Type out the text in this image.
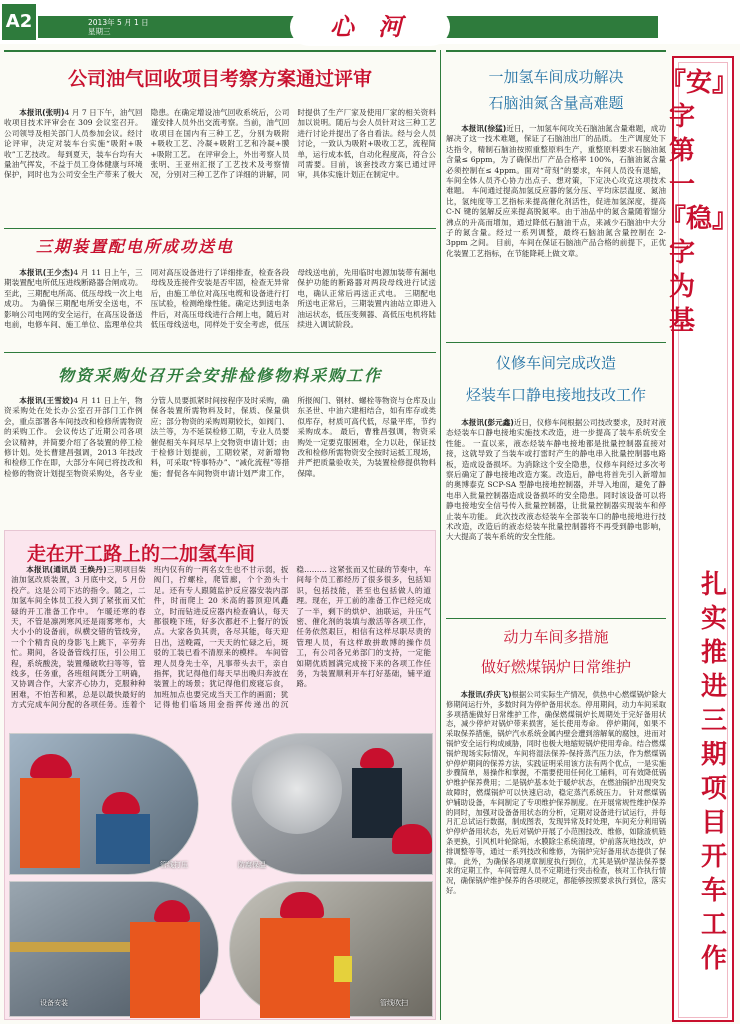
A2	2013年 5 月 1 日
星期三	心 河
公司油气回收项目考察方案通过评审
本报讯(张明)4 月 7 日下午，油气回收项目技术评审会在 309 会议室召开。公司领导及相关部门人员参加会议。经讨论评审，决定对装车台实施“吸附+吸收”工艺技改。 每到夏天，装车台均有大量油气挥发，不益于员工身体健康与环境保护，同时也为公司安全生产带来了极大隐患。在确定增设油气回收系统后，公司谨安排人员外出交流考察。当前，油气回收项目在国内有三种工艺，分别为吸附+吸收工艺、冷凝+吸附工艺和冷凝+膜+吸附工艺。 在评审会上，外出考察人员张明、王亚州汇报了工艺技术及考察情况，分别对三种工艺作了详细的讲解，同时提供了生产厂家及使用厂家的相关资料加以说明。随后与会人员针对这三种工艺进行讨论并提出了各自看法。经与会人员讨论，一致认为吸附+吸收工艺，流程简单，运行成本低，自动化程度高，符合公司需要。目前，该套技改方案已通过评审，具体实施计划正在制定中。
三期装置配电所成功送电
本报讯(王少杰)4 月 11 日上午，三期装置配电所低压进线断路器合闸成功。至此，三期配电所高、低压母线一次上电成功。 为确保三期配电所安全送电，不影响公司电网的安全运行，在高压设备送电前，电修车间、施工单位、监理单位共同对高压设备进行了详细排查，检查各段母线及连接件安装是否牢固，检查无异常后，由施工单位对高压电缆和设备进行打压试验，检测绝缘性能。确定达到送电条件后，对高压母线进行合闸上电，随后对低压母线送电，同样处于安全考虑，低压母线送电前，先用临时电源加装带有漏电保护功能的断路器对两段母线进行试送电，确认正常后再送正式电。 三期配电所送电正常后，三期装置内油站立即进入油运状态，低压变频器、高低压电机将陆续进入调试阶段。
物资采购处召开会安排检修物料采购工作
本报讯(王雪姣)4 月 11 日上午，物资采购处在处长办公室召开部门工作例会，重点部署各车间技改和检修所需物资的采购工作。 会议传达了近期公司各项会议精神，并简要介绍了各装置的停工检修计划。处长曹建昌强调，2013 年技改和检修工作在即，大部分车间已将技改和检修的物资计划提至物资采购处，各专业分管人员要抓紧时间按程序及时采购，确保各装置所需物料及时，保质、保量供应；部分物资的采购周期较长，如阀门、法兰等，为不延误检修工期，专业人员要催促相关车间尽早上交物资申请计划；由于检修计划提前，工期较紧，对新增物料，可采取“特事特办”、“减化流程”等措施；督促各车间物资申请计划严肃工作，所报阀门、钢材、螺栓等物资与仓库及山东圣世、中油六建相结合，如有库存或类似库存，材质可高代低，尽量平库，节约采购成本。 最后，曹雅昌强调，物资采购处一定要克服困难，全力以赴，保证技改和检修所需物资安全按时运抵工现场，并严把质量验收关，为装置检修提供物料保障。
走在开工路上的二加氢车间
本报讯(通讯员 王焕丹)三期项目柴油加氢改质装置，3 月底中交，5 月份投产。这是公司下达的指令。随之，二加氢车间全体员工投入到了紧张而又忙碌的开工准备工作中。 乍暖还寒的春天，不管是凛冽寒风还是雨雾寒布，大大小小的设备前，纵横交错的管线旁，一个个精肯良的身影飞上跳下，辛劳奔忙。期间，各设备管线打压，引公用工程，系统酸洗，装置爆破吹扫等等，管线多，任务重，各班组间既分工明确，又协调合作，大家齐心协力，克服种种困难，不怕苦和累，总是以最快最好的方式完成车间分配的各项任务。连着个班内仅有的一两名女生也不甘示弱，扳阀门，拧螺栓，爬管廊，个个劲头十足。还有专人跟随监护反应器安装内部件，时而爬上 20 米高的器顶迎风矗立，时而钻进反应器内检查确认，每天都很晚下班，好多次都赶不上餐厅的饭点。大家各负其责，各尽其能，每天迎日出，送晚霞，一天天的忙碌之后，斑驳的工装已看不清原来的模样。 车间管理人员身先士卒，凡事带头去干，亲自指挥，犹记得他们每天早出晚归奔波在装置上的场景；犹记得他们废寝忘食，加班加点也要完成当天工作的画面；犹记得他们临场用金指挥传递出的沉稳……… 这紧张而又忙碌的节奏中，车间每个员工都经历了很多很多，包括知识，包括技能，甚至也包括做人的道理。现在，开工前的准备工作已经完成了一半，剩下的烘炉、油联运，升压气密、催化剂的装填与激活等各项工作，任务依然艰巨，相信有这样尽职尽责的管理人员，有这样敢拼敢博的操作员工，有公司各兄弟部门的支持，一定能如期优质圆满完成接下来的各项工作任务，为装置顺利开车打好基础，铺平道路。
管线打压	防腐保温
设备安装	管线吹扫
一加氢车间成功解决
石脑油氮含量高难题
本报讯(徐猛)近日，一加氢车间攻关石脑油氮含量难题，成功解决了这一技术难题，保证了石脑油出厂的品质。 生产调度处下达指令，精制石脑油按照重整原料生产，重整原料要求石脑油氮含量≤ 6ppm，为了确保出厂产品合格率 100%，石脑油氮含量必须控制在≤ 4ppm。面对“苛刻”的要求，车间人员没有退缩，车间全体人员齐心协力出点子、想对策，下定决心攻克这项技术难题。 车间通过提高加氢反应器的氢分压、平均床层温度、氮油比，氢纯度等工艺指标来提高催化剂活性，促进加氢深度，提高 C-N 键的氢解反应来提高脱氮率。由于油品中的氮含量随着馏分沸点的升高而增加，通过降低石脑油干点，来减少石脑油中大分子的氮含量。经过一系列调整，最终石脑油氮含量控制在 2-3ppm 之间。 目前，车间在保证石脑油产品合格的前提下，正优化装置工艺指标，在节能降耗上做文章。
仪修车间完成改造
烃装车口静电接地技改工作
本报讯(彭元鑫)近日，仪修车间根据公司技改要求，及时对液态烃装车口静电接地实施技术改造，进一步提高了装车系统安全性能。 一直以来，液态烃装车静电接地都是批量控制器直接对接，这就导致了当装车或打雷时产生的静电串入批量控制器电路板，造成设备损坏。为消除这个安全隐患，仪修车间经过多次考察后确定了静电接地改造方案。改造后，静电将首先引入新增加的奥博泰克 SCP-SA 型静电接地控制器，并导入地面，避免了静电串入批量控制器造成设备损坏的安全隐患。同时该设备可以将静电接地安全信号传入批量控制器，让批量控制器实现装车和停止装车功能。 此次技改液态烃装车全部装车口的静电接地进行技术改造，改造后的液态烃装车批量控制器将不再受到静电影响，大大提高了装车系统的安全性能。
动力车间多措施
做好燃煤锅炉日常维护
本报讯(乔庆飞)根据公司实际生产情况，供热中心燃煤锅炉除大修期间运行外，多数时间为停炉备用状态。停用期间，动力车间采取多项措施做好日常维护工作，确保燃煤锅炉长周期处于完好备用状态，减少停炉对锅炉带来损害，延长使用寿命。 停炉期间，如果不采取保养措施，锅炉汽水系统金属内壁会遭到溶解氧的腐蚀，进而对锅炉安全运行构成威胁，同时也极大地缩短锅炉使用寿命。结合燃煤锅炉现场实际情况，车间将湿法保养-保持蒸汽压力法，作为燃煤锅炉停炉期间的保养方法，实践证明采用该方法有两个优点，一是实施步骤简单，易操作和掌握，不需要使用任何化工辅料，可有效降低锅炉维护保养费用；二是锅炉基本处于暖炉状态，在燃油锅炉出现突发故障时，燃煤锅炉可以快速启动，稳定蒸汽系统压力。 针对燃煤锅炉辅助设备，车间制定了专项维护保养制度。在开展常规性维护保养的同时，加强对设备备用状态的分析，定期对设备进行试运行，并每月汇总试运行数据，制成图表，发现异常及时处理，车间充分利用锅炉停炉备用状态，先后对锅炉开展了小范围技改、维修，如除渣机链条更换，引风机叶轮除垢，水膜除尘系统清理，炉前落灰地技改，炉排调整等等，通过一系列技改和维修，为锅炉完好备用状态提供了保障。 此外，为确保各项规章制度执行到位，尤其是锅炉湿法保养要求的定期工作，车间管理人员不定期进行突击检查，核对工作执行情况，确保锅炉维护保养的各项规定，都能够按照要求执行到位，落实好。
『安』字第一『稳』字为基
扎实推进三期项目开车工作
